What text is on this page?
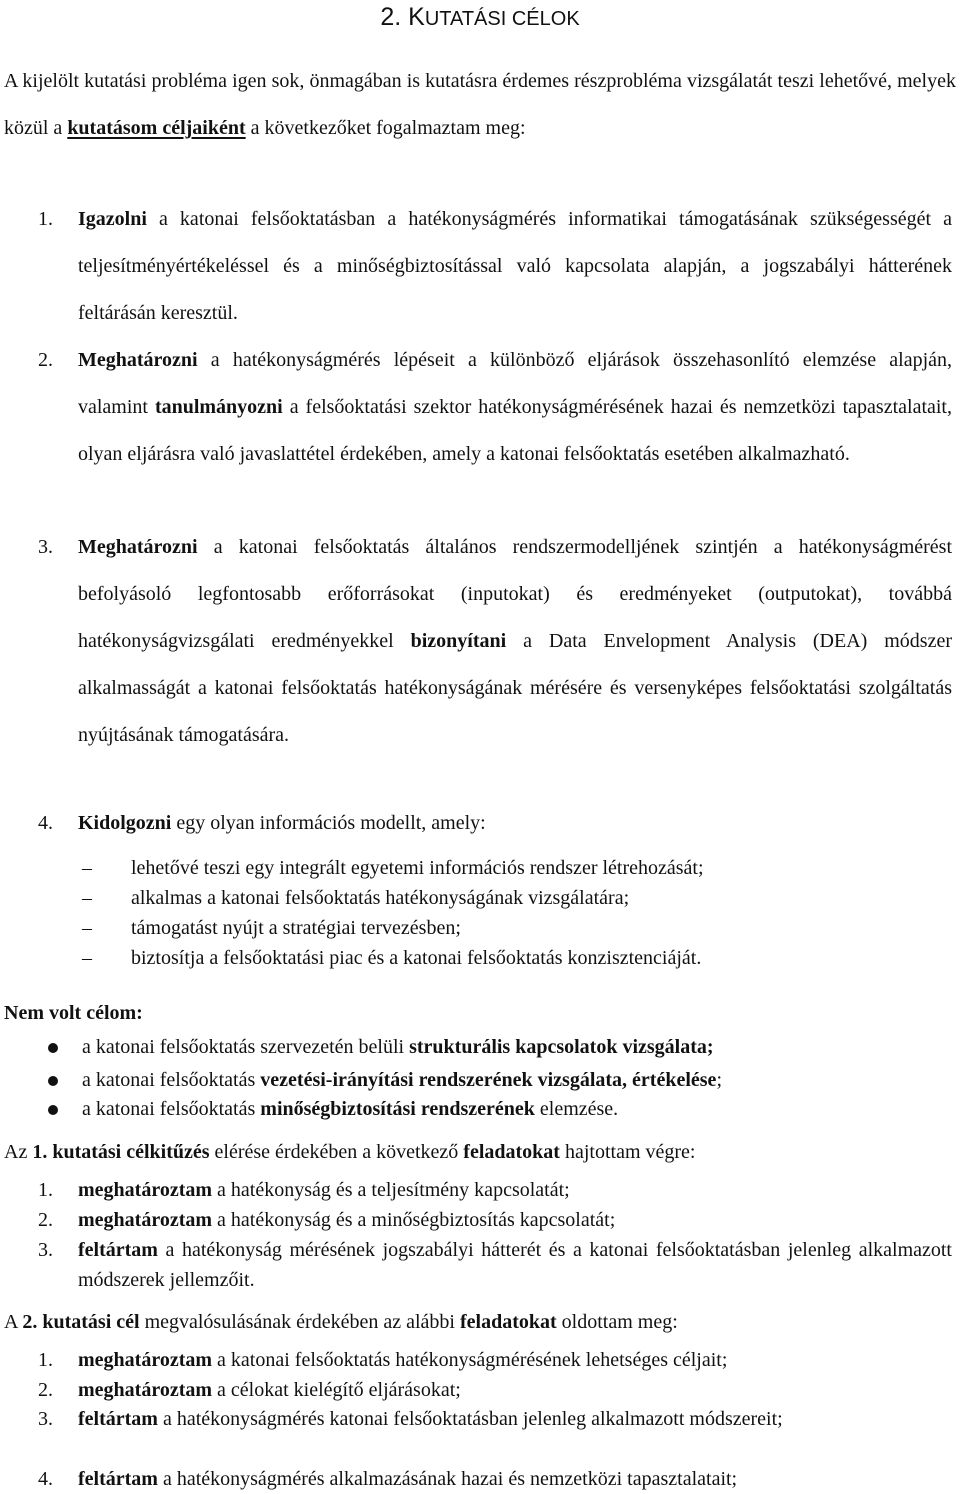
2. KUTATÁSI CÉLOK
A kijelölt kutatási probléma igen sok, önmagában is kutatásra érdemes részprobléma vizsgálatát teszi lehetővé, melyek közül a kutatásom céljaiként a következőket fogalmaztam meg:
1. Igazolni a katonai felsőoktatásban a hatékonyságmérés informatikai támogatásának szükségességét a teljesítményértékeléssel és a minőségbiztosítással való kapcsolata alapján, a jogszabályi hátterének feltárásán keresztül.
2. Meghatározni a hatékonyságmérés lépéseit a különböző eljárások összehasonlító elemzése alapján, valamint tanulmányozni a felsőoktatási szektor hatékonyságmérésének hazai és nemzetközi tapasztalatait, olyan eljárásra való javaslattétel érdekében, amely a katonai felsőoktatás esetében alkalmazható.
3. Meghatározni a katonai felsőoktatás általános rendszermodelljének szintjén a hatékonyságmérést befolyásoló legfontosabb erőforrásokat (inputokat) és eredményeket (outputokat), továbbá hatékonyságvizsgálati eredményekkel bizonyítani a Data Envelopment Analysis (DEA) módszer alkalmasságát a katonai felsőoktatás hatékonyságának mérésére és versenyképes felsőoktatási szolgáltatás nyújtásának támogatására.
4. Kidolgozni egy olyan információs modellt, amely:
– lehetővé teszi egy integrált egyetemi információs rendszer létrehozását;
– alkalmas a katonai felsőoktatás hatékonyságának vizsgálatára;
– támogatást nyújt a stratégiai tervezésben;
– biztosítja a felsőoktatási piac és a katonai felsőoktatás konzisztenciáját.
Nem volt célom:
a katonai felsőoktatás szervezetén belüli strukturális kapcsolatok vizsgálata;
a katonai felsőoktatás vezetési-irányítási rendszerének vizsgálata, értékelése;
a katonai felsőoktatás minőségbiztosítási rendszerének elemzése.
Az 1. kutatási célkitűzés elérése érdekében a következő feladatokat hajtottam végre:
1. meghatároztam a hatékonyság és a teljesítmény kapcsolatát;
2. meghatároztam a hatékonyság és a minőségbiztosítás kapcsolatát;
3. feltártam a hatékonyság mérésének jogszabályi hátterét és a katonai felsőoktatásban jelenleg alkalmazott módszerek jellemzőit.
A 2. kutatási cél megvalósulásának érdekében az alábbi feladatokat oldottam meg:
1. meghatároztam a katonai felsőoktatás hatékonyságmérésének lehetséges céljait;
2. meghatároztam a célokat kielégítő eljárásokat;
3. feltártam a hatékonyságmérés katonai felsőoktatásban jelenleg alkalmazott módszereit;
4. feltártam a hatékonyságmérés alkalmazásának hazai és nemzetközi tapasztalatait;
